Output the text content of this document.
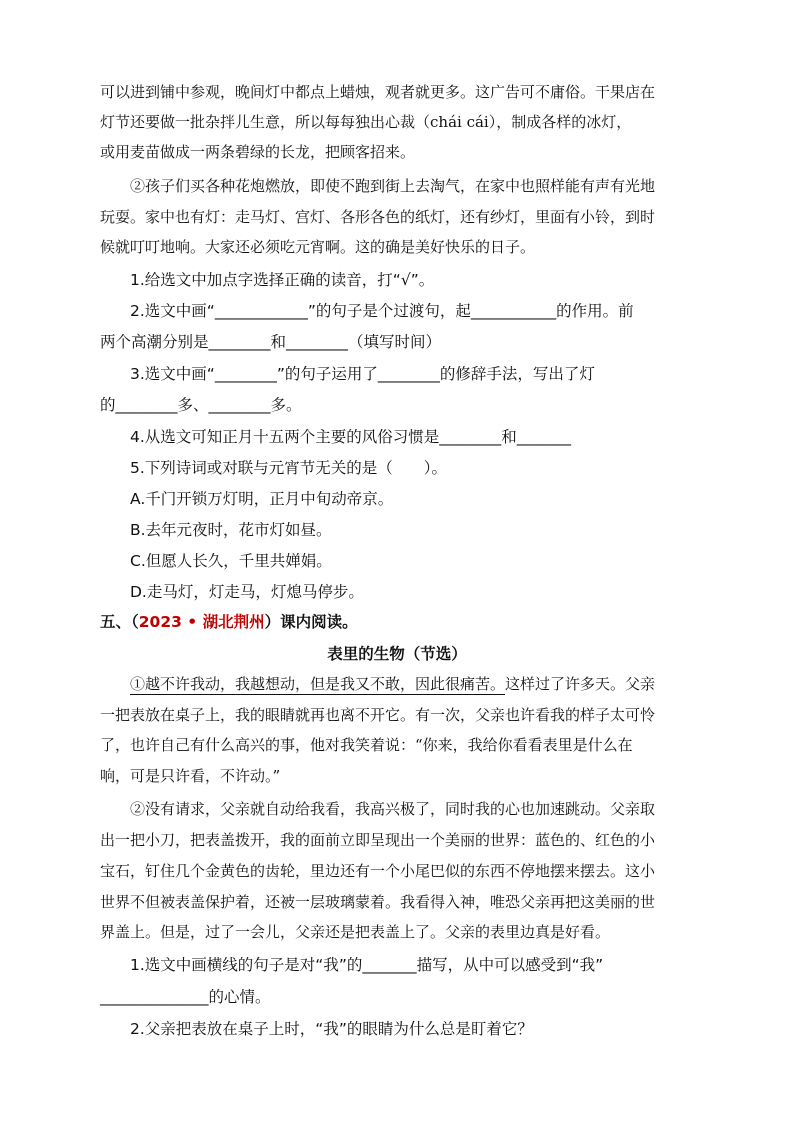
可以进到铺中参观，晚间灯中都点上蜡烛，观者就更多。这广告可不庸俗。干果店在
灯节还要做一批杂拌儿生意，所以每每独出心裁（chái cái），制成各样的冰灯，
或用麦苗做成一两条碧绿的长龙，把顾客招来。
②孩子们买各种花炮燃放，即使不跑到街上去淘气，在家中也照样能有声有光地
玩耍。家中也有灯：走马灯、宫灯、各形各色的纸灯，还有纱灯，里面有小铃，到时
候就叮叮地响。大家还必须吃元宵啊。这的确是美好快乐的日子。
1.给选文中加点字选择正确的读音，打“√”。
2.选文中画“____________”的句子是个过渡句，起___________的作用。前
两个高潮分别是________和________（填写时间）
3.选文中画“________”的句子运用了________的修辞手法，写出了灯
的________多、________多。
4.从选文可知正月十五两个主要的风俗习惯是________和_______
5.下列诗词或对联与元宵节无关的是（　　）。
A.千门开锁万灯明，正月中旬动帝京。
B.去年元夜时，花市灯如昼。
C.但愿人长久，千里共婵娟。
D.走马灯，灯走马，灯熄马停步。
五、（2023 • 湖北荆州）课内阅读。
表里的生物（节选）
①越不许我动，我越想动，但是我又不敢，因此很痛苦。这样过了许多天。父亲
一把表放在桌子上，我的眼睛就再也离不开它。有一次，父亲也许看我的样子太可怜
了，也许自己有什么高兴的事，他对我笑着说：“你来，我给你看看表里是什么在
响，可是只许看，不许动。”
②没有请求，父亲就自动给我看，我高兴极了，同时我的心也加速跳动。父亲取
出一把小刀，把表盖拨开，我的面前立即呈现出一个美丽的世界：蓝色的、红色的小
宝石，钉住几个金黄色的齿轮，里边还有一个小尾巴似的东西不停地摆来摆去。这小
世界不但被表盖保护着，还被一层玻璃蒙着。我看得入神，唯恐父亲再把这美丽的世
界盖上。但是，过了一会儿，父亲还是把表盖上了。父亲的表里边真是好看。
1.选文中画横线的句子是对“我”的_______描写，从中可以感受到“我”
______________的心情。
2.父亲把表放在桌子上时，“我”的眼睛为什么总是盯着它？
